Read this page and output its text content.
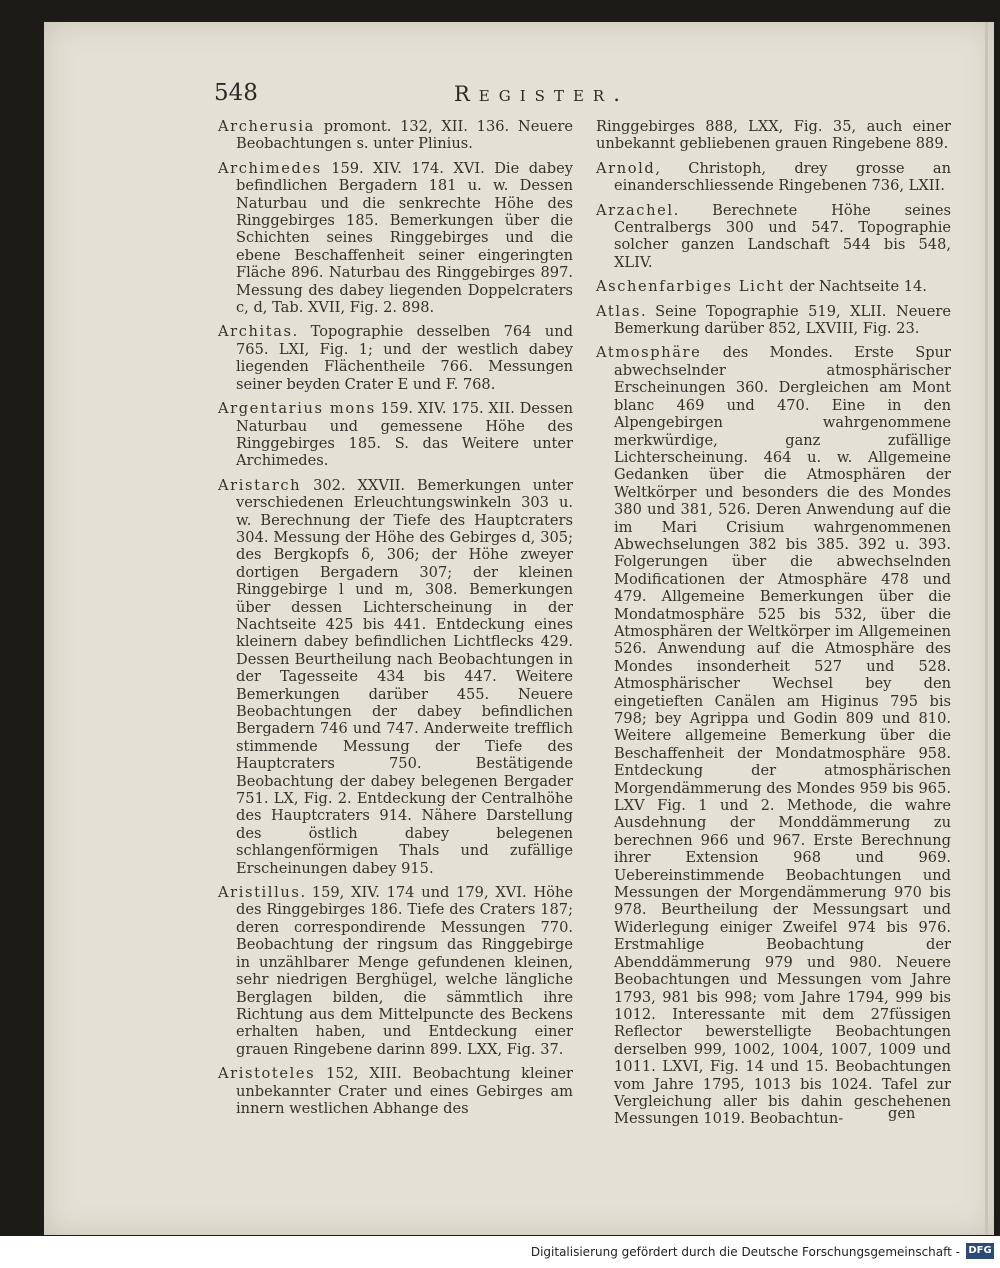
548	Register.
Archerusia promont. 132, XII. 136. Neuere Beobachtungen s. unter Plinius.
Archimedes 159. XIV. 174. XVI. Die dabey befindlichen Bergadern 181 u. w. Dessen Naturbau und die senkrechte Höhe des Ringgebirges 185. Bemerkungen über die Schichten seines Ringgebirges und die ebene Beschaffenheit seiner eingeringten Fläche 896. Naturbau des Ringgebirges 897. Messung des dabey liegenden Doppelcraters c, d, Tab. XVII, Fig. 2. 898.
Architas. Topographie desselben 764 und 765. LXI, Fig. 1; und der westlich dabey liegenden Flächentheile 766. Messungen seiner beyden Crater E und F. 768.
Argentarius mons 159. XIV. 175. XII. Dessen Naturbau und gemessene Höhe des Ringgebirges 185. S. das Weitere unter Archimedes.
Aristarch 302. XXVII. Bemerkungen unter verschiedenen Erleuchtungswinkeln 303 u. w. Berechnung der Tiefe des Hauptcraters 304. Messung der Höhe des Gebirges d, 305; des Bergkopfs δ, 306; der Höhe zweyer dortigen Bergadern 307; der kleinen Ringgebirge l und m, 308. Bemerkungen über dessen Lichterscheinung in der Nachtseite 425 bis 441. Entdeckung eines kleinern dabey befindlichen Lichtflecks 429. Dessen Beurtheilung nach Beobachtungen in der Tagesseite 434 bis 447. Weitere Bemerkungen darüber 455. Neuere Beobachtungen der dabey befindlichen Bergadern 746 und 747. Anderweite trefflich stimmende Messung der Tiefe des Hauptcraters 750. Bestätigende Beobachtung der dabey belegenen Bergader 751. LX, Fig. 2. Entdeckung der Centralhöhe des Hauptcraters 914. Nähere Darstellung des östlich dabey belegenen schlangenförmigen Thals und zufällige Erscheinungen dabey 915.
Aristillus. 159, XIV. 174 und 179, XVI. Höhe des Ringgebirges 186. Tiefe des Craters 187; deren correspondirende Messungen 770. Beobachtung der ringsum das Ringgebirge in unzählbarer Menge gefundenen kleinen, sehr niedrigen Berghügel, welche längliche Berglagen bilden, die sämmtlich ihre Richtung aus dem Mittelpuncte des Beckens erhalten haben, und Entdeckung einer grauen Ringebene darinn 899. LXX, Fig. 37.
Aristoteles 152, XIII. Beobachtung kleiner unbekannter Crater und eines Gebirges am innern westlichen Abhange des
Ringgebirges 888, LXX, Fig. 35, auch einer unbekannt gebliebenen grauen Ringebene 889.
Arnold, Christoph, drey grosse an einanderschliessende Ringebenen 736, LXII.
Arzachel. Berechnete Höhe seines Centralbergs 300 und 547. Topographie solcher ganzen Landschaft 544 bis 548, XLIV.
Aschenfarbiges Licht der Nachtseite 14.
Atlas. Seine Topographie 519, XLII. Neuere Bemerkung darüber 852, LXVIII, Fig. 23.
Atmosphäre des Mondes. Erste Spur abwechselnder atmosphärischer Erscheinungen 360. Dergleichen am Mont blanc 469 und 470. Eine in den Alpengebirgen wahrgenommene merkwürdige, ganz zufällige Lichterscheinung. 464 u. w. Allgemeine Gedanken über die Atmosphären der Weltkörper und besonders die des Mondes 380 und 381, 526. Deren Anwendung auf die im Mari Crisium wahrgenommenen Abwechselungen 382 bis 385. 392 u. 393. Folgerungen über die abwechselnden Modificationen der Atmosphäre 478 und 479. Allgemeine Bemerkungen über die Mondatmosphäre 525 bis 532, über die Atmosphären der Weltkörper im Allgemeinen 526. Anwendung auf die Atmosphäre des Mondes insonderheit 527 und 528. Atmosphärischer Wechsel bey den eingetieften Canälen am Higinus 795 bis 798; bey Agrippa und Godin 809 und 810. Weitere allgemeine Bemerkung über die Beschaffenheit der Mondatmosphäre 958. Entdeckung der atmosphärischen Morgendämmerung des Mondes 959 bis 965. LXV Fig. 1 und 2. Methode, die wahre Ausdehnung der Monddämmerung zu berechnen 966 und 967. Erste Berechnung ihrer Extension 968 und 969. Uebereinstimmende Beobachtungen und Messungen der Morgendämmerung 970 bis 978. Beurtheilung der Messungsart und Widerlegung einiger Zweifel 974 bis 976. Erstmahlige Beobachtung der Abenddämmerung 979 und 980. Neuere Beobachtungen und Messungen vom Jahre 1793, 981 bis 998; vom Jahre 1794, 999 bis 1012. Interessante mit dem 27füssigen Reflector bewerstelligte Beobachtungen derselben 999, 1002, 1004, 1007, 1009 und 1011. LXVI, Fig. 14 und 15. Beobachtungen vom Jahre 1795, 1013 bis 1024. Tafel zur Vergleichung aller bis dahin geschehenen Messungen 1019. Beobachtun-	gen
Digitalisierung gefördert durch die Deutsche Forschungsgemeinschaft - DFG
